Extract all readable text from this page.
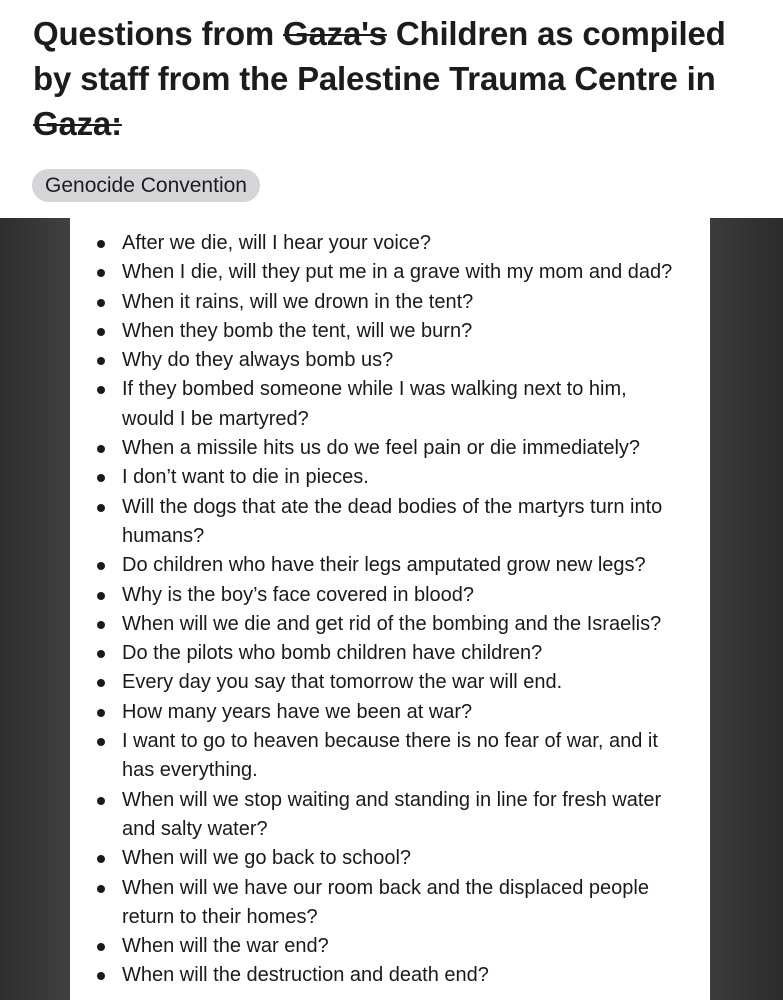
Questions from Gaza's Children as compiled by staff from the Palestine Trauma Centre in Gaza:
Genocide Convention
After we die, will I hear your voice?
When I die, will they put me in a grave with my mom and dad?
When it rains, will we drown in the tent?
When they bomb the tent, will we burn?
Why do they always bomb us?
If they bombed someone while I was walking next to him,
would I be martyred?
When a missile hits us do we feel pain or die immediately?
I don’t want to die in pieces.
Will the dogs that ate the dead bodies of the martyrs turn into
humans?
Do children who have their legs amputated grow new legs?
Why is the boy’s face covered in blood?
When will we die and get rid of the bombing and the Israelis?
Do the pilots who bomb children have children?
Every day you say that tomorrow the war will end.
How many years have we been at war?
I want to go to heaven because there is no fear of war, and it
has everything.
When will we stop waiting and standing in line for fresh water
and salty water?
When will we go back to school?
When will we have our room back and the displaced people
return to their homes?
When will the war end?
When will the destruction and death end?
